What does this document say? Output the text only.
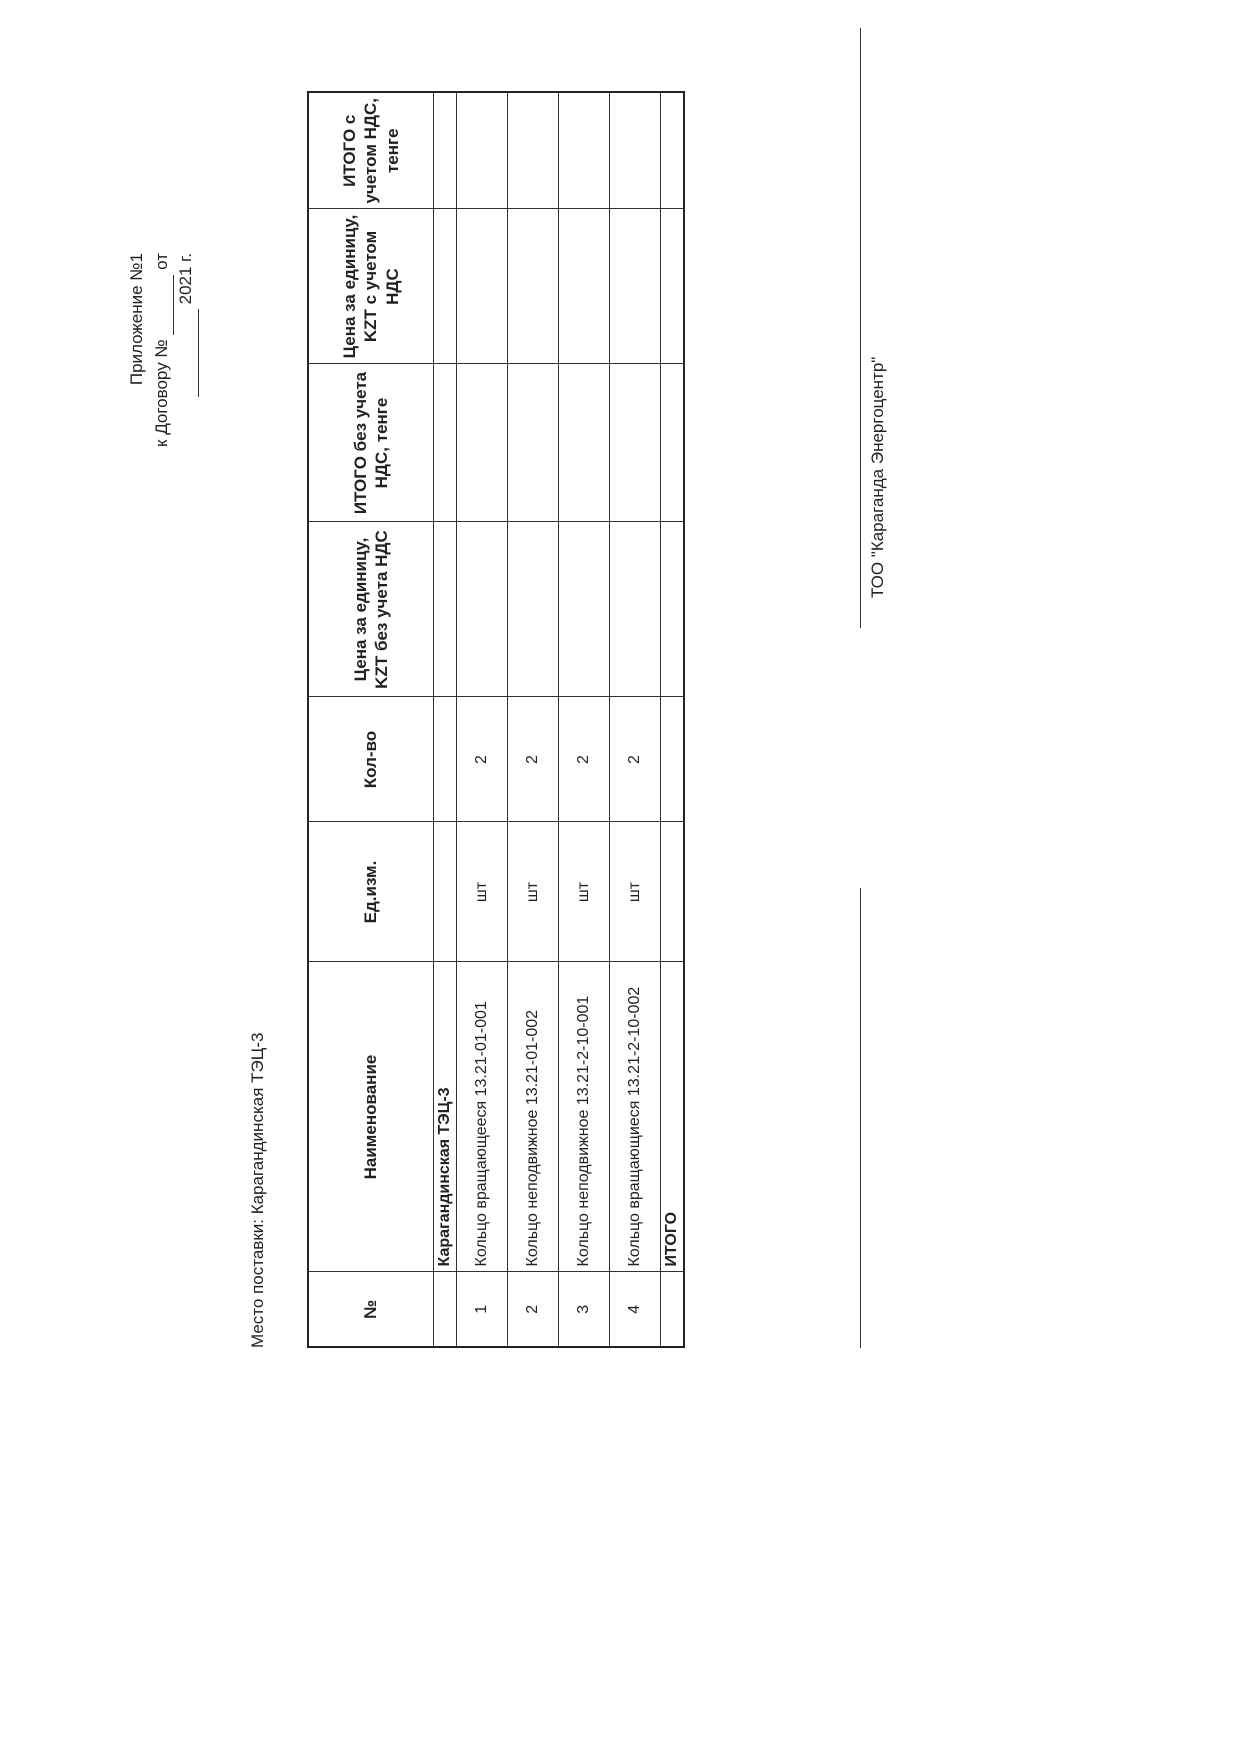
Приложение №1
к Договору №  от 2021 г.
Место поставки: Карагандинская ТЭЦ-3	№	Наименование	Ед.изм.	Кол-во	Цена за единицу, KZT без учета НДС	ИТОГО без учета НДС, тенге	Цена за единицу, KZT с учетом НДС	ИТОГО с учетом НДС, тенге
	Карагандинская ТЭЦ-3						
1	Кольцо вращающееся 13.21-01-001	шт	2				
2	Кольцо неподвижное 13.21-01-002	шт	2				
3	Кольцо неподвижное 13.21-2-10-001	шт	2				
4	Кольцо вращающиеся 13.21-2-10-002	шт	2				
	ИТОГО						
ТОО "Караганда Энергоцентр"
